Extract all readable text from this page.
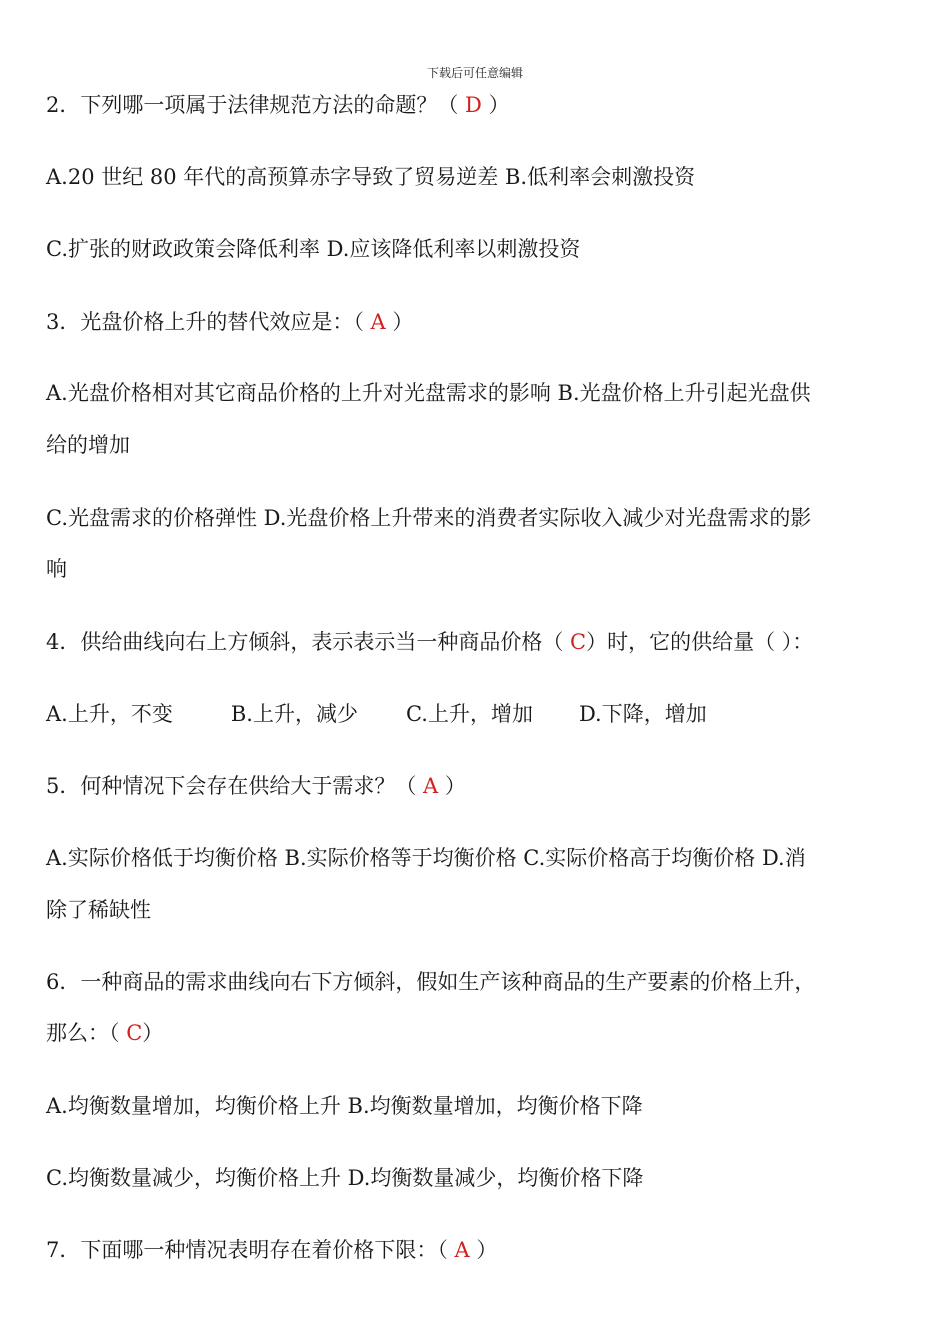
下载后可任意编辑
2．下列哪一项属于法律规范方法的命题？（ D ）
A.20 世纪 80 年代的高预算赤字导致了贸易逆差 B.低利率会刺激投资
C.扩张的财政政策会降低利率 D.应该降低利率以刺激投资
3．光盘价格上升的替代效应是：（ A ）
A.光盘价格相对其它商品价格的上升对光盘需求的影响 B.光盘价格上升引起光盘供
给的增加
C.光盘需求的价格弹性 D.光盘价格上升带来的消费者实际收入减少对光盘需求的影
响
4．供给曲线向右上方倾斜，表示表示当一种商品价格（ C）时，它的供给量（ ）：
A.上升，不变	B.上升，减少 C.上升，增加 D.下降，增加
5．何种情况下会存在供给大于需求？（ A ）
A.实际价格低于均衡价格 B.实际价格等于均衡价格 C.实际价格高于均衡价格 D.消
除了稀缺性
6．一种商品的需求曲线向右下方倾斜，假如生产该种商品的生产要素的价格上升，
那么：（ C）
A.均衡数量增加，均衡价格上升 B.均衡数量增加，均衡价格下降
C.均衡数量减少，均衡价格上升 D.均衡数量减少，均衡价格下降
7．下面哪一种情况表明存在着价格下限：（ A ）
